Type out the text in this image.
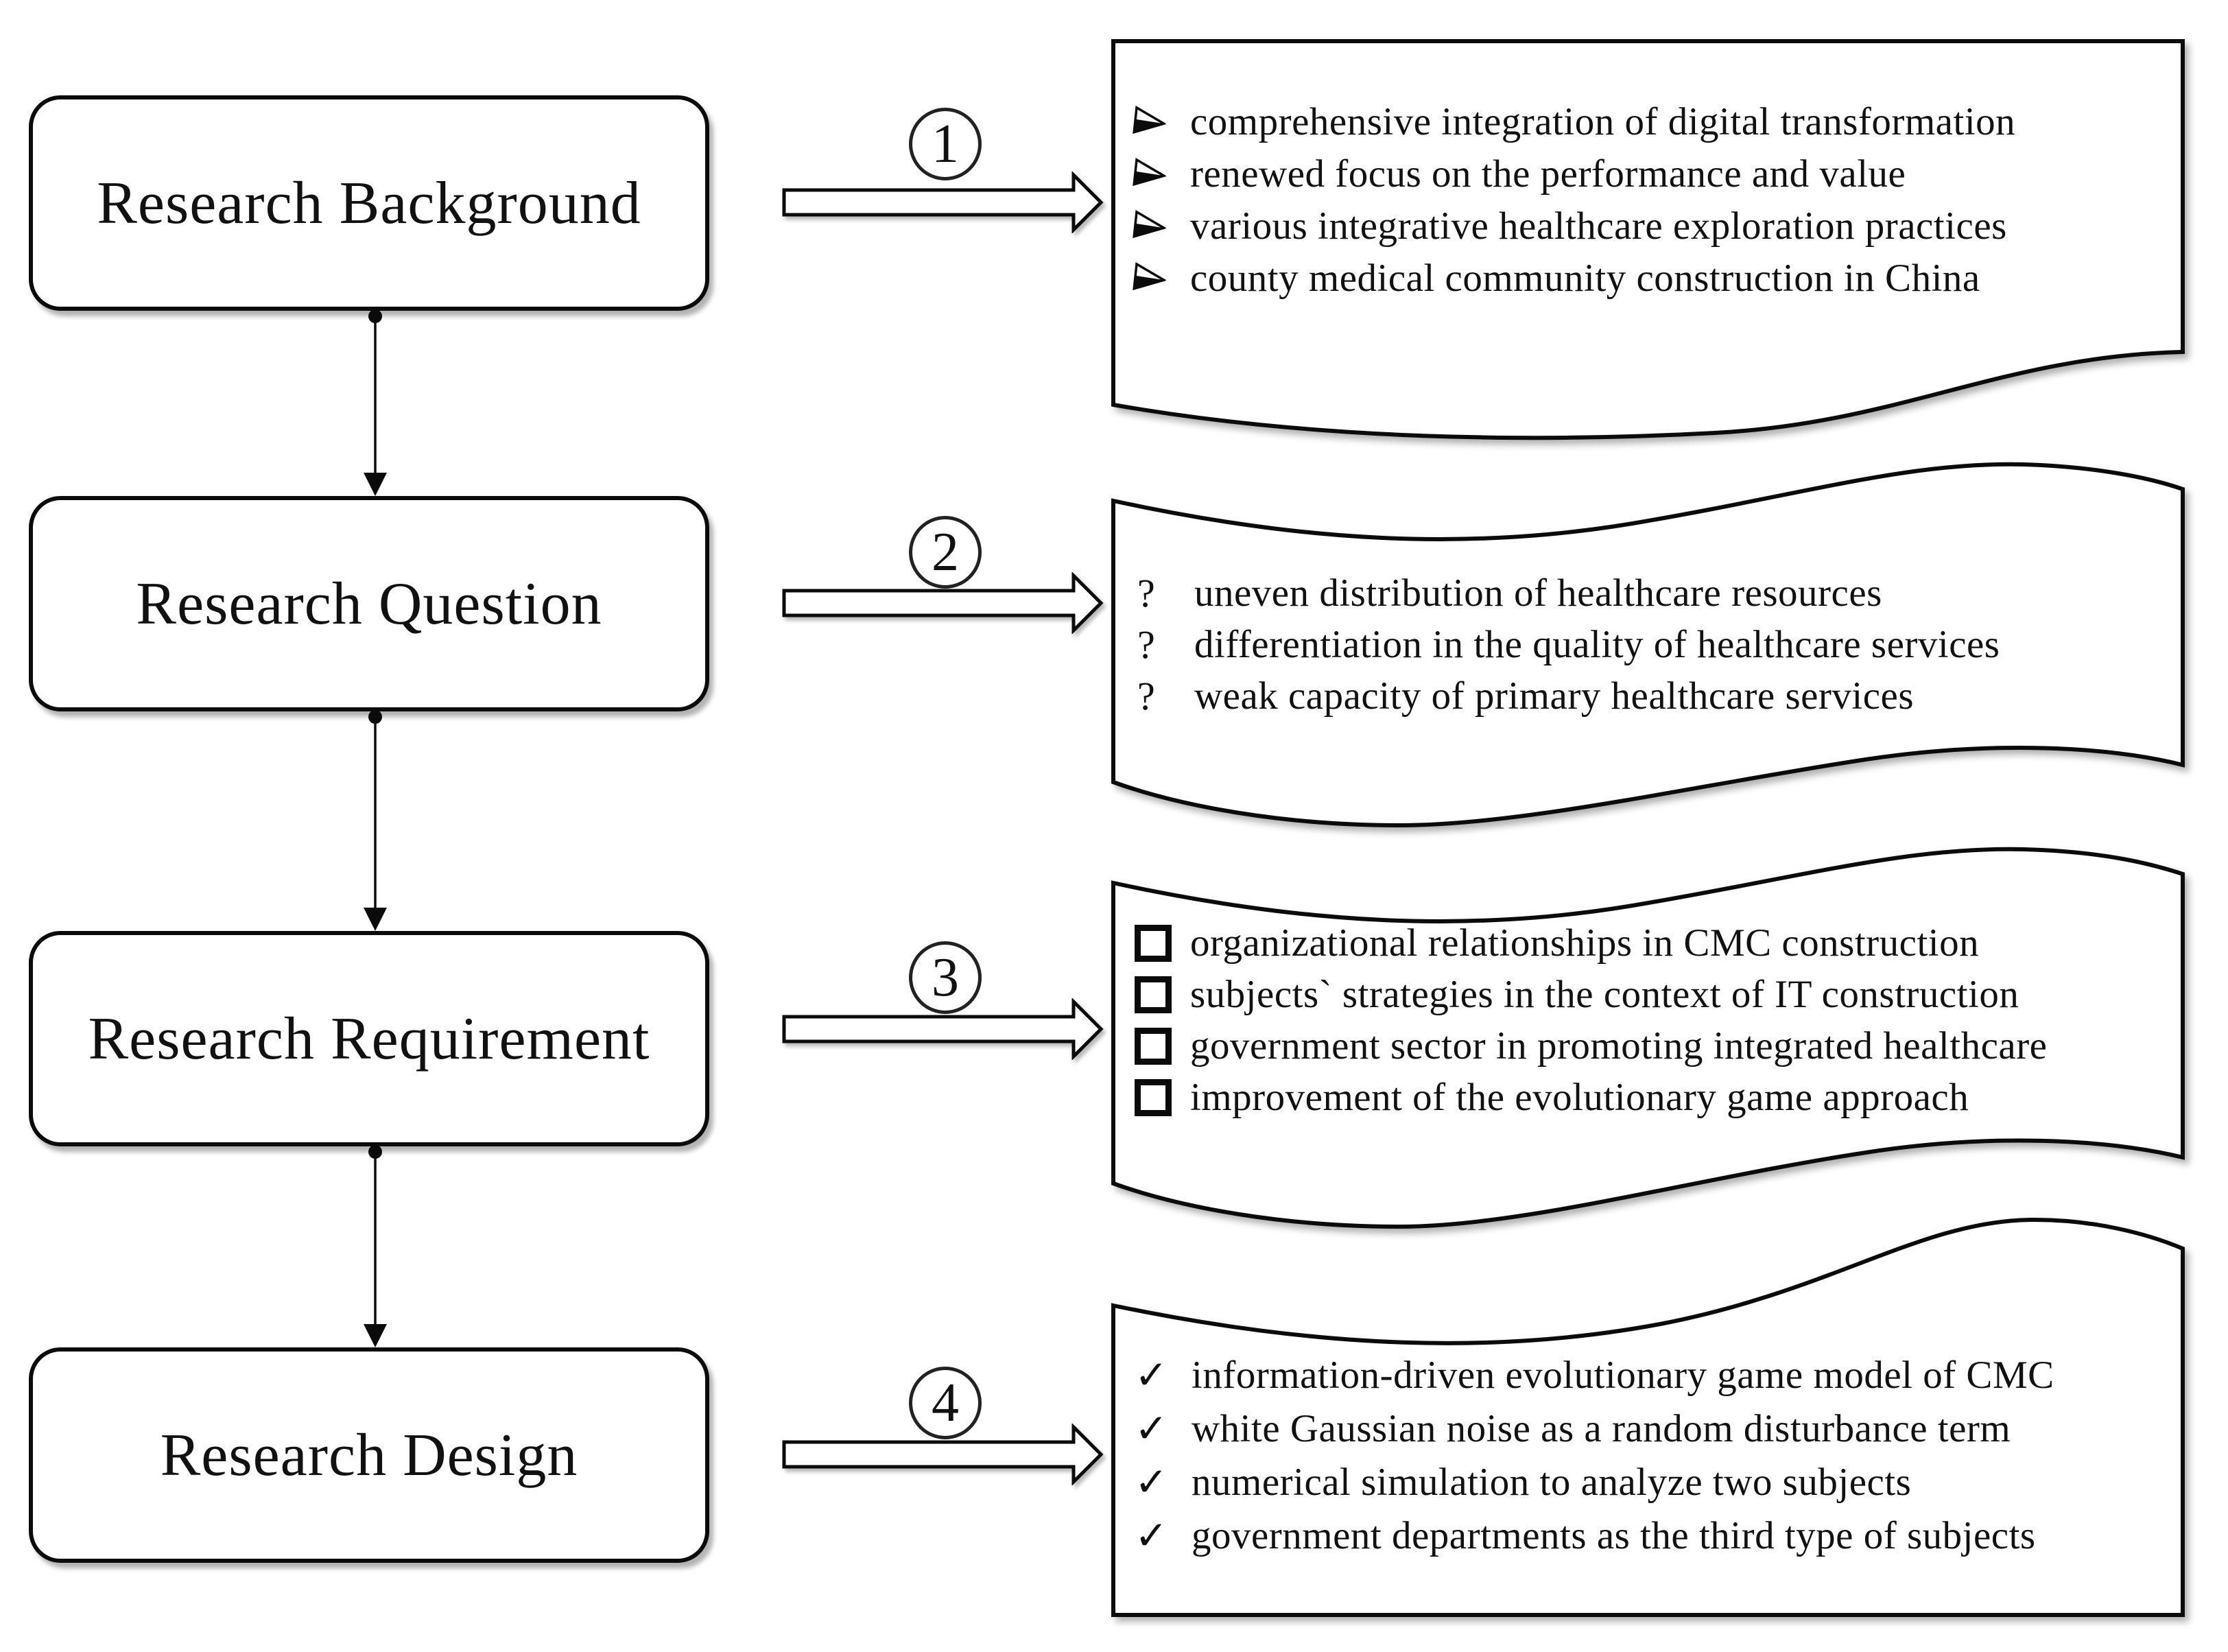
Research Background
Research Question
Research Requirement
Research Design
1
2
3
4
comprehensive integration of digital transformation
renewed focus on the performance and value
various integrative healthcare exploration practices
county medical community construction in China
?	uneven distribution of healthcare resources
?	differentiation in the quality of healthcare services
?	weak capacity of primary healthcare services
organizational relationships in CMC construction
subjects` strategies in the context of IT construction
government sector in promoting integrated healthcare
improvement of the evolutionary game approach
✓ information-driven evolutionary game model of CMC
✓ white Gaussian noise as a random disturbance term
✓ numerical simulation to analyze two subjects
✓ government departments as the third type of subjects
